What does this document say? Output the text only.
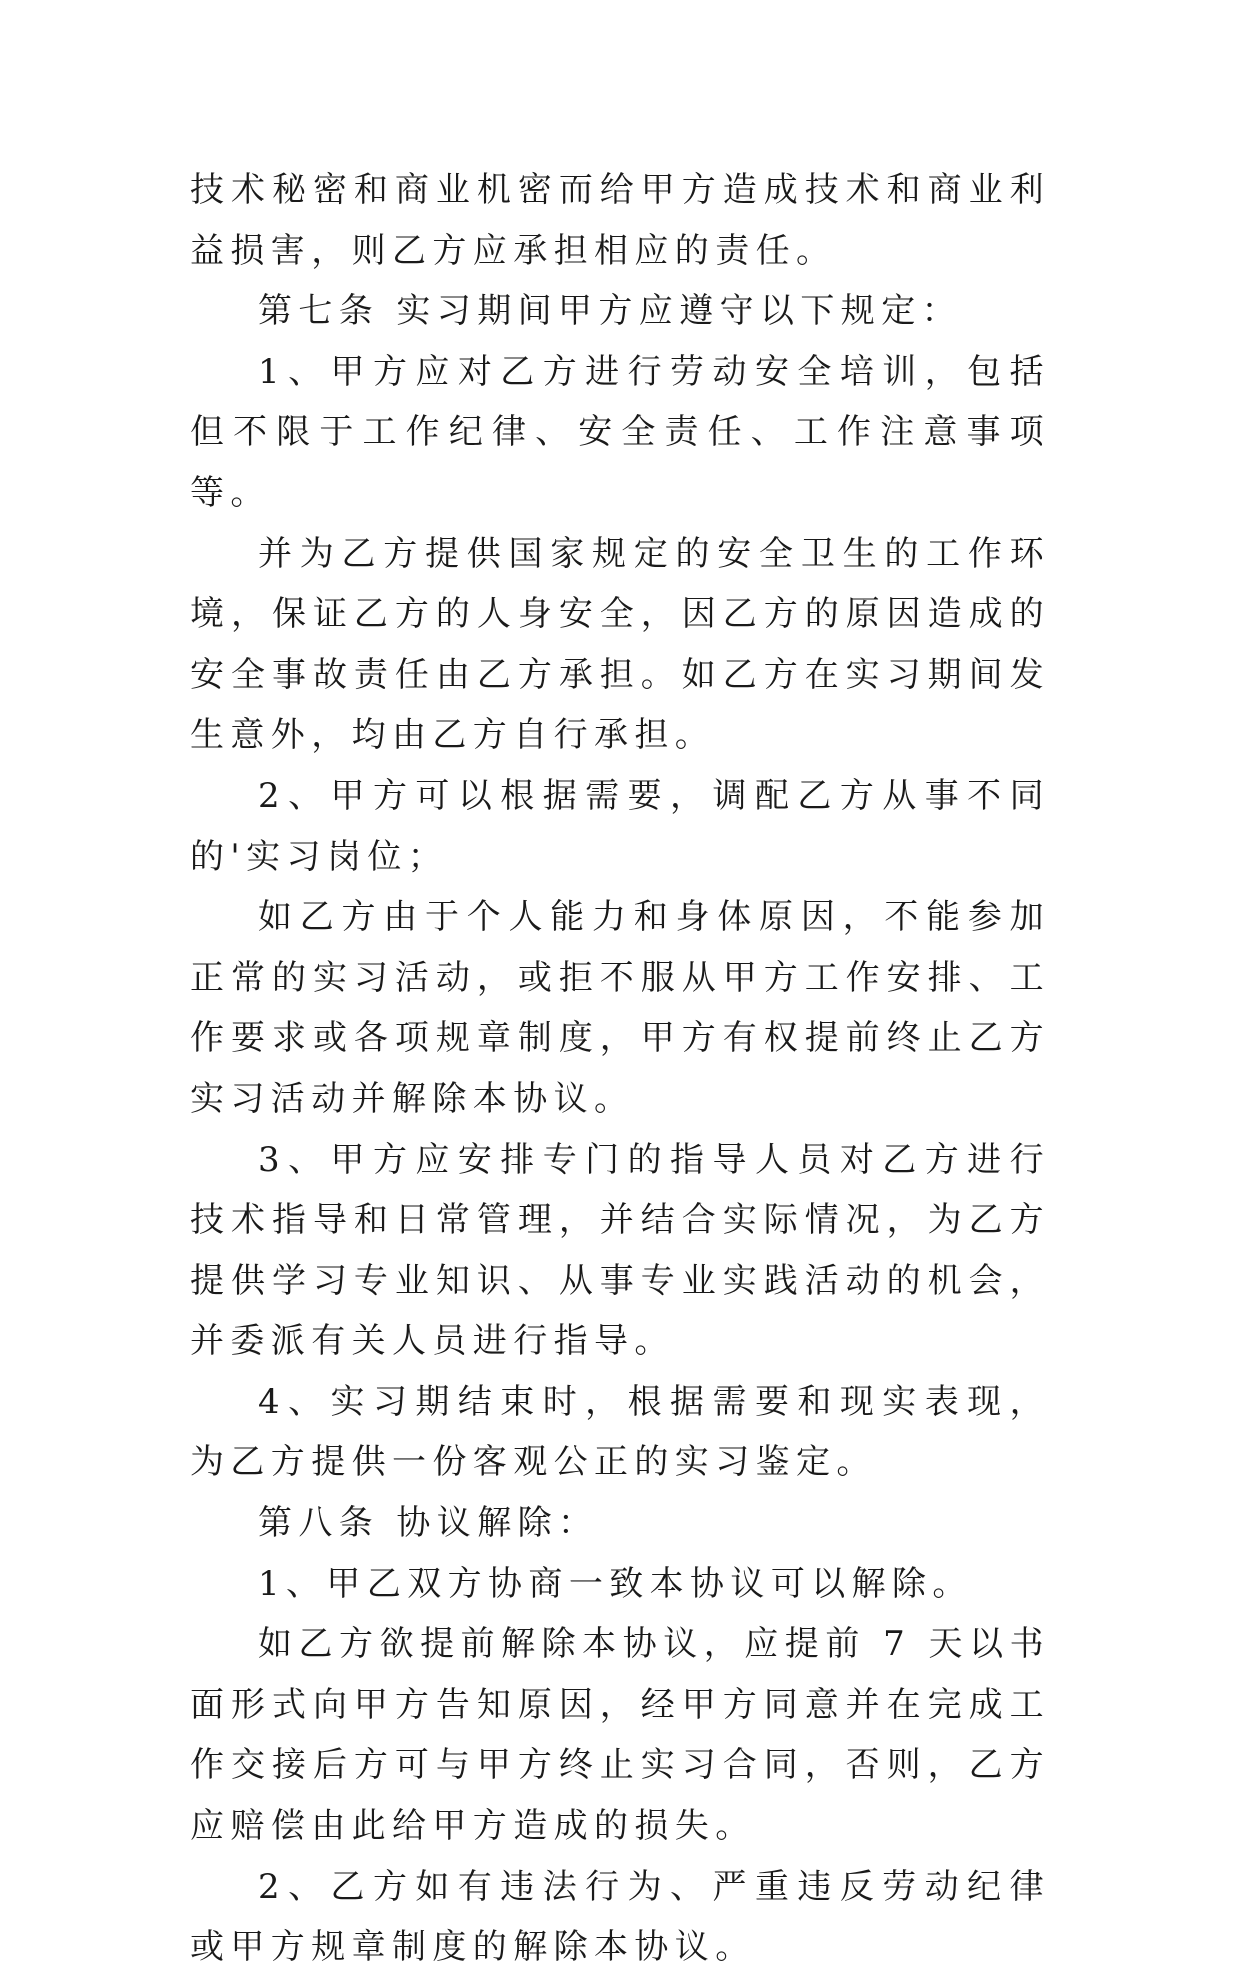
技术秘密和商业机密而给甲方造成技术和商业利益损害，则乙方应承担相应的责任。

第七条 实习期间甲方应遵守以下规定：

1、甲方应对乙方进行劳动安全培训，包括但不限于工作纪律、安全责任、工作注意事项等。

并为乙方提供国家规定的安全卫生的工作环境，保证乙方的人身安全，因乙方的原因造成的安全事故责任由乙方承担。如乙方在实习期间发生意外，均由乙方自行承担。

2、甲方可以根据需要，调配乙方从事不同的'实习岗位；

如乙方由于个人能力和身体原因，不能参加正常的实习活动，或拒不服从甲方工作安排、工作要求或各项规章制度，甲方有权提前终止乙方实习活动并解除本协议。

3、甲方应安排专门的指导人员对乙方进行技术指导和日常管理，并结合实际情况，为乙方提供学习专业知识、从事专业实践活动的机会，并委派有关人员进行指导。

4、实习期结束时，根据需要和现实表现，为乙方提供一份客观公正的实习鉴定。

第八条 协议解除：

1、甲乙双方协商一致本协议可以解除。

如乙方欲提前解除本协议，应提前 7 天以书面形式向甲方告知原因，经甲方同意并在完成工作交接后方可与甲方终止实习合同，否则，乙方应赔偿由此给甲方造成的损失。

2、乙方如有违法行为、严重违反劳动纪律或甲方规章制度的解除本协议。
